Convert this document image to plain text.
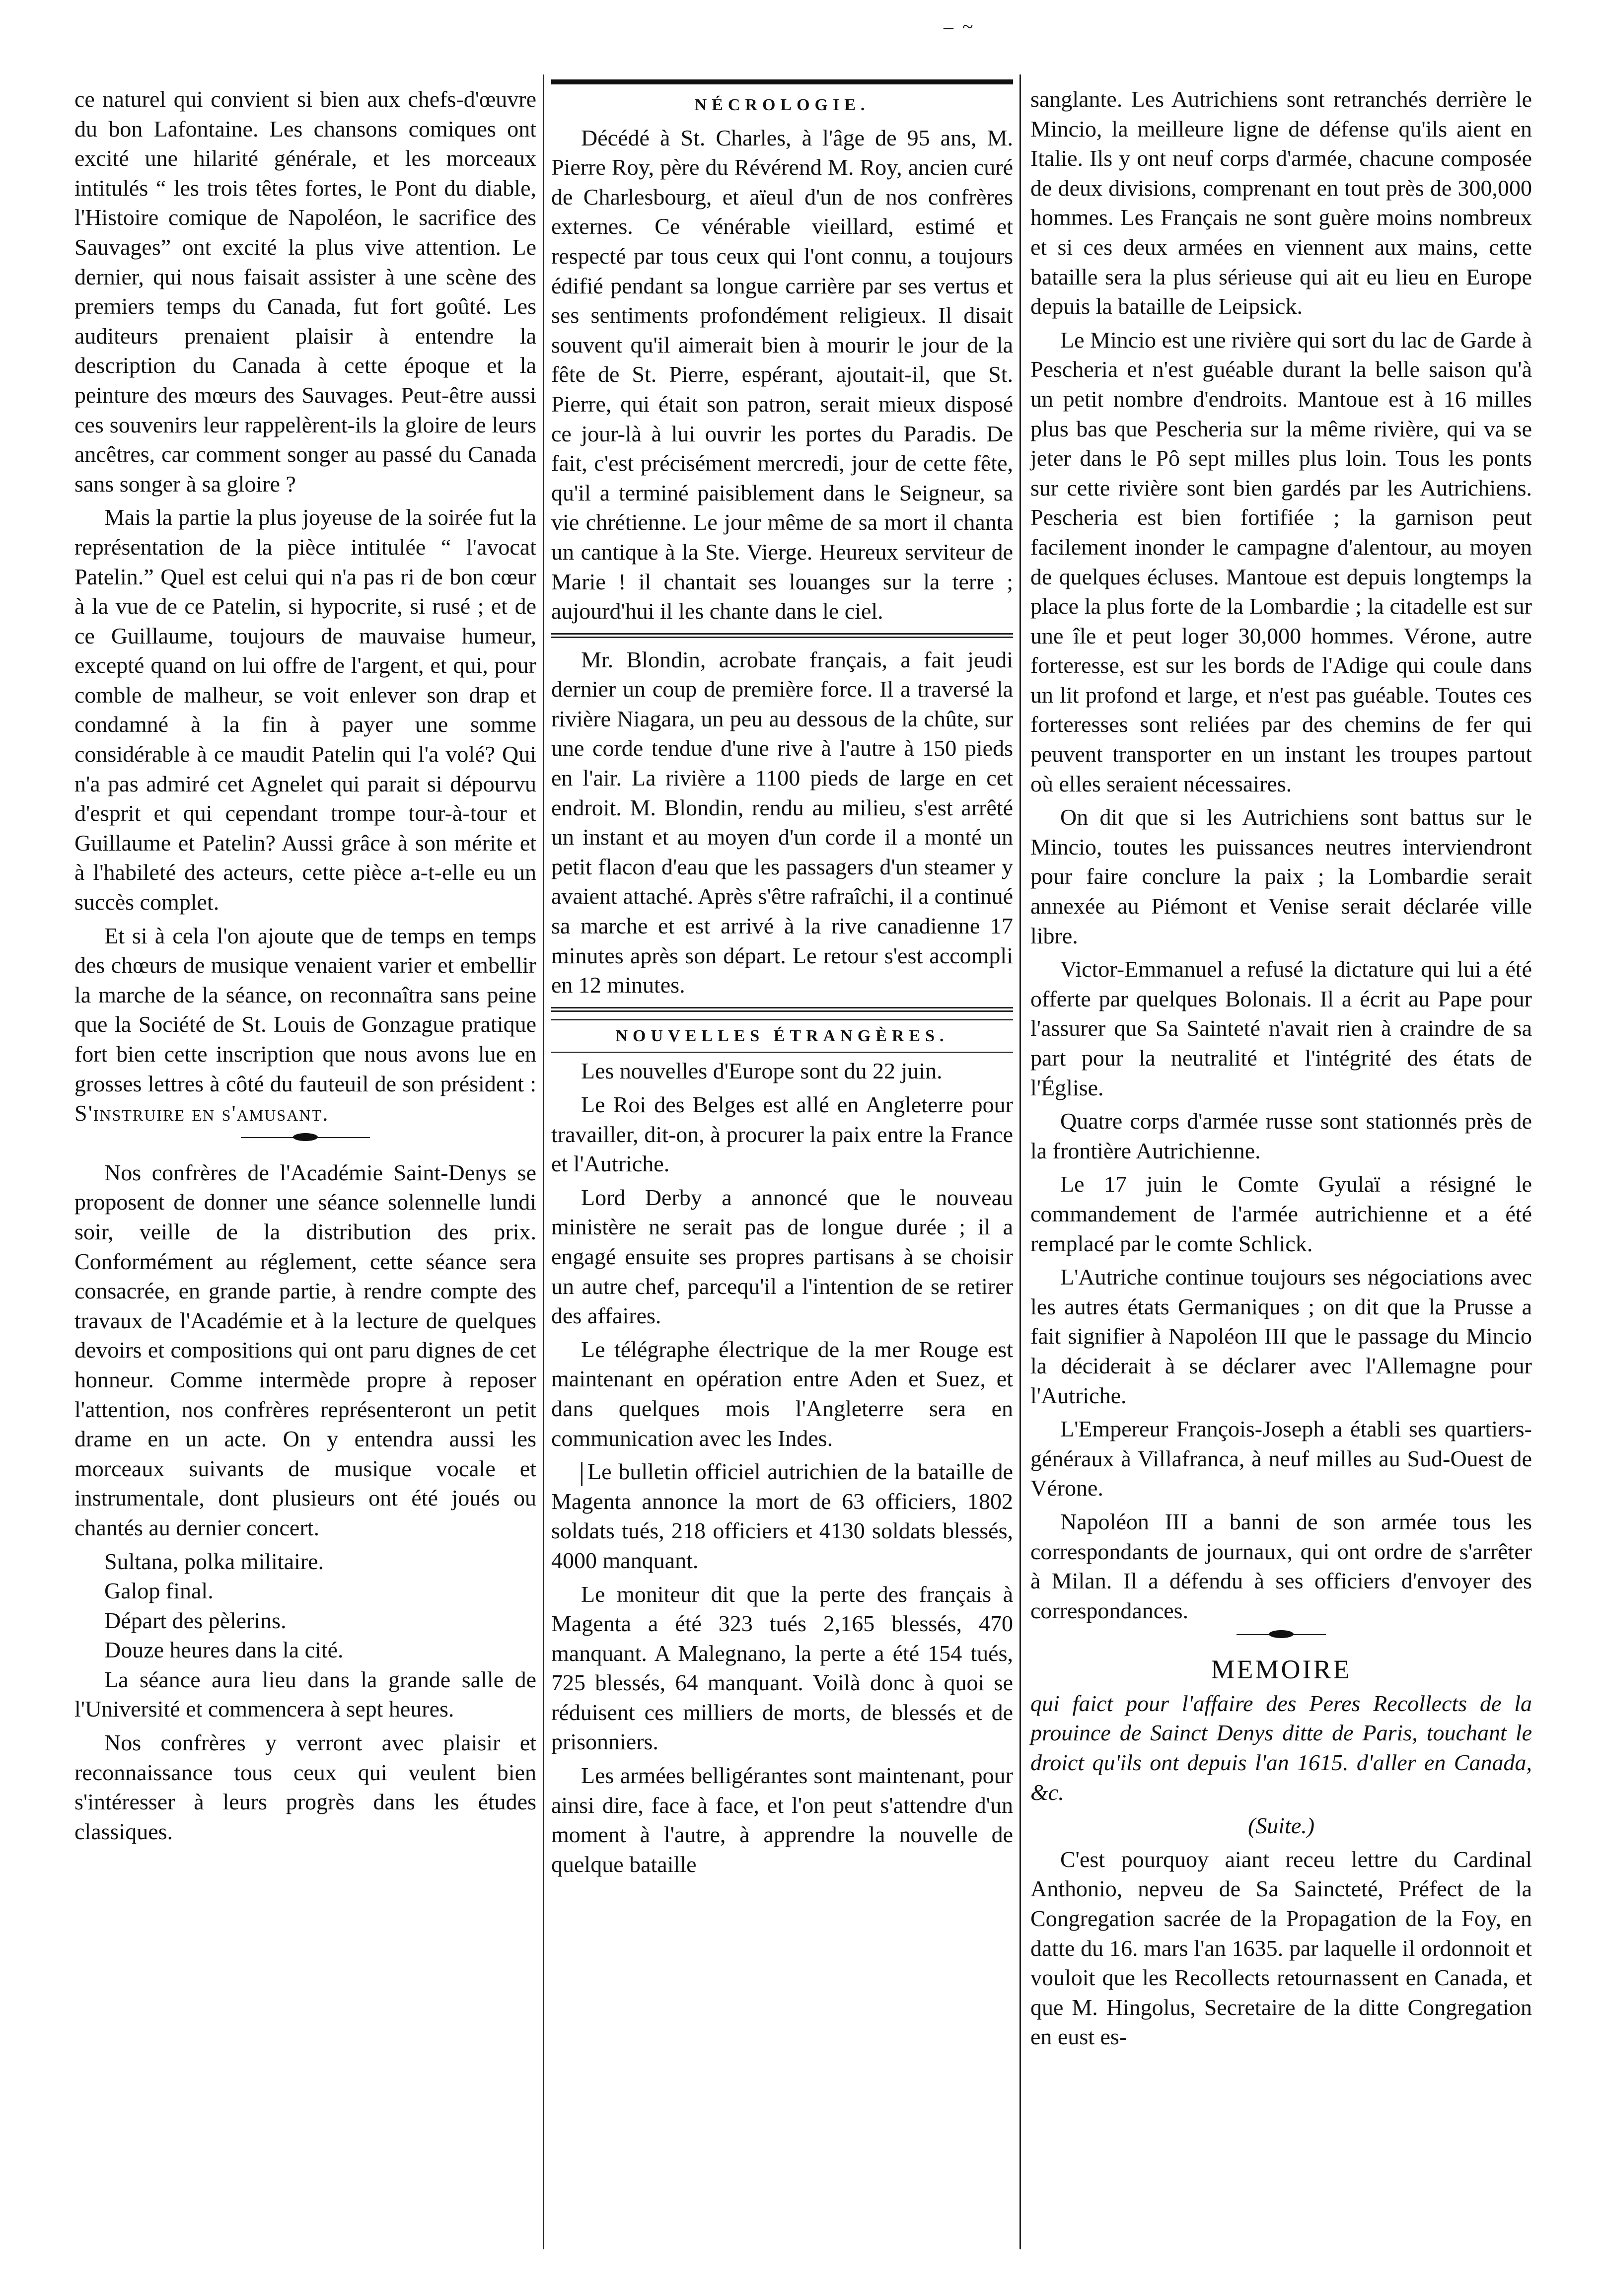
– ~

ce naturel qui convient si bien aux chefs-d'œuvre du bon Lafontaine. Les chansons comiques ont excité une hilarité générale, et les morceaux intitulés “ les trois têtes fortes, le Pont du diable, l'Histoire comique de Napoléon, le sacrifice des Sauvages” ont excité la plus vive attention. Le dernier, qui nous faisait assister à une scène des premiers temps du Canada, fut fort goûté. Les auditeurs prenaient plaisir à entendre la description du Canada à cette époque et la peinture des mœurs des Sauvages. Peut-être aussi ces souvenirs leur rappelèrent-ils la gloire de leurs ancêtres, car comment songer au passé du Canada sans songer à sa gloire ?

Mais la partie la plus joyeuse de la soirée fut la représentation de la pièce intitulée “ l'avocat Patelin.” Quel est celui qui n'a pas ri de bon cœur à la vue de ce Patelin, si hypocrite, si rusé ; et de ce Guillaume, toujours de mauvaise humeur, excepté quand on lui offre de l'argent, et qui, pour comble de malheur, se voit enlever son drap et condamné à la fin à payer une somme considérable à ce maudit Patelin qui l'a volé? Qui n'a pas admiré cet Agnelet qui parait si dépourvu d'esprit et qui cependant trompe tour-à-tour et Guillaume et Patelin? Aussi grâce à son mérite et à l'habileté des acteurs, cette pièce a-t-elle eu un succès complet.

Et si à cela l'on ajoute que de temps en temps des chœurs de musique venaient varier et embellir la marche de la séance, on reconnaîtra sans peine que la Société de St. Louis de Gonzague pratique fort bien cette inscription que nous avons lue en grosses lettres à côté du fauteuil de son président : S'instruire en s'amusant.

Nos confrères de l'Académie Saint-Denys se proposent de donner une séance solennelle lundi soir, veille de la distribution des prix. Conformément au réglement, cette séance sera consacrée, en grande partie, à rendre compte des travaux de l'Académie et à la lecture de quelques devoirs et compositions qui ont paru dignes de cet honneur. Comme intermède propre à reposer l'attention, nos confrères représenteront un petit drame en un acte. On y entendra aussi les morceaux suivants de musique vocale et instrumentale, dont plusieurs ont été joués ou chantés au dernier concert.

Sultana, polka militaire.

Galop final.

Départ des pèlerins.

Douze heures dans la cité.

La séance aura lieu dans la grande salle de l'Université et commencera à sept heures.

Nos confrères y verront avec plaisir et reconnaissance tous ceux qui veulent bien s'intéresser à leurs progrès dans les études classiques.

NÉCROLOGIE.

Décédé à St. Charles, à l'âge de 95 ans, M. Pierre Roy, père du Révérend M. Roy, ancien curé de Charlesbourg, et aïeul d'un de nos confrères externes. Ce vénérable vieillard, estimé et respecté par tous ceux qui l'ont connu, a toujours édifié pendant sa longue carrière par ses vertus et ses sentiments profondément religieux. Il disait souvent qu'il aimerait bien à mourir le jour de la fête de St. Pierre, espérant, ajoutait-il, que St. Pierre, qui était son patron, serait mieux disposé ce jour-là à lui ouvrir les portes du Paradis. De fait, c'est précisément mercredi, jour de cette fête, qu'il a terminé paisiblement dans le Seigneur, sa vie chrétienne. Le jour même de sa mort il chanta un cantique à la Ste. Vierge. Heureux serviteur de Marie ! il chantait ses louanges sur la terre ; aujourd'hui il les chante dans le ciel.

Mr. Blondin, acrobate français, a fait jeudi dernier un coup de première force. Il a traversé la rivière Niagara, un peu au dessous de la chûte, sur une corde tendue d'une rive à l'autre à 150 pieds en l'air. La rivière a 1100 pieds de large en cet endroit. M. Blondin, rendu au milieu, s'est arrêté un instant et au moyen d'un corde il a monté un petit flacon d'eau que les passagers d'un steamer y avaient attaché. Après s'être rafraîchi, il a continué sa marche et est arrivé à la rive canadienne 17 minutes après son départ. Le retour s'est accompli en 12 minutes.

NOUVELLES ÉTRANGÈRES.

Les nouvelles d'Europe sont du 22 juin.

Le Roi des Belges est allé en Angleterre pour travailler, dit-on, à procurer la paix entre la France et l'Autriche.

Lord Derby a annoncé que le nouveau ministère ne serait pas de longue durée ; il a engagé ensuite ses propres partisans à se choisir un autre chef, parcequ'il a l'intention de se retirer des affaires.

Le télégraphe électrique de la mer Rouge est maintenant en opération entre Aden et Suez, et dans quelques mois l'Angleterre sera en communication avec les Indes.

Le bulletin officiel autrichien de la bataille de Magenta annonce la mort de 63 officiers, 1802 soldats tués, 218 officiers et 4130 soldats blessés, 4000 manquant.

Le moniteur dit que la perte des français à Magenta a été 323 tués 2,165 blessés, 470 manquant. A Malegnano, la perte a été 154 tués, 725 blessés, 64 manquant. Voilà donc à quoi se réduisent ces milliers de morts, de blessés et de prisonniers.

Les armées belligérantes sont maintenant, pour ainsi dire, face à face, et l'on peut s'attendre d'un moment à l'autre, à apprendre la nouvelle de quelque bataille

sanglante. Les Autrichiens sont retranchés derrière le Mincio, la meilleure ligne de défense qu'ils aient en Italie. Ils y ont neuf corps d'armée, chacune composée de deux divisions, comprenant en tout près de 300,000 hommes. Les Français ne sont guère moins nombreux et si ces deux armées en viennent aux mains, cette bataille sera la plus sérieuse qui ait eu lieu en Europe depuis la bataille de Leipsick.

Le Mincio est une rivière qui sort du lac de Garde à Pescheria et n'est guéable durant la belle saison qu'à un petit nombre d'endroits. Mantoue est à 16 milles plus bas que Pescheria sur la même rivière, qui va se jeter dans le Pô sept milles plus loin. Tous les ponts sur cette rivière sont bien gardés par les Autrichiens. Pescheria est bien fortifiée ; la garnison peut facilement inonder le campagne d'alentour, au moyen de quelques écluses. Mantoue est depuis longtemps la place la plus forte de la Lombardie ; la citadelle est sur une île et peut loger 30,000 hommes. Vérone, autre forteresse, est sur les bords de l'Adige qui coule dans un lit profond et large, et n'est pas guéable. Toutes ces forteresses sont reliées par des chemins de fer qui peuvent transporter en un instant les troupes partout où elles seraient nécessaires.

On dit que si les Autrichiens sont battus sur le Mincio, toutes les puissances neutres interviendront pour faire conclure la paix ; la Lombardie serait annexée au Piémont et Venise serait déclarée ville libre.

Victor-Emmanuel a refusé la dictature qui lui a été offerte par quelques Bolonais. Il a écrit au Pape pour l'assurer que Sa Sainteté n'avait rien à craindre de sa part pour la neutralité et l'intégrité des états de l'Église.

Quatre corps d'armée russe sont stationnés près de la frontière Autrichienne.

Le 17 juin le Comte Gyulaï a résigné le commandement de l'armée autrichienne et a été remplacé par le comte Schlick.

L'Autriche continue toujours ses négociations avec les autres états Germaniques ; on dit que la Prusse a fait signifier à Napoléon III que le passage du Mincio la déciderait à se déclarer avec l'Allemagne pour l'Autriche.

L'Empereur François-Joseph a établi ses quartiers-généraux à Villafranca, à neuf milles au Sud-Ouest de Vérone.

Napoléon III a banni de son armée tous les correspondants de journaux, qui ont ordre de s'arrêter à Milan. Il a défendu à ses officiers d'envoyer des correspondances.

MEMOIRE

qui faict pour l'affaire des Peres Recollects de la prouince de Sainct Denys ditte de Paris, touchant le droict qu'ils ont depuis l'an 1615. d'aller en Canada, &c.

(Suite.)

C'est pourquoy aiant receu lettre du Cardinal Anthonio, nepveu de Sa Saincteté, Préfect de la Congregation sacrée de la Propagation de la Foy, en datte du 16. mars l'an 1635. par laquelle il ordonnoit et vouloit que les Recollects retournassent en Canada, et que M. Hingolus, Secretaire de la ditte Congregation en eust es-
